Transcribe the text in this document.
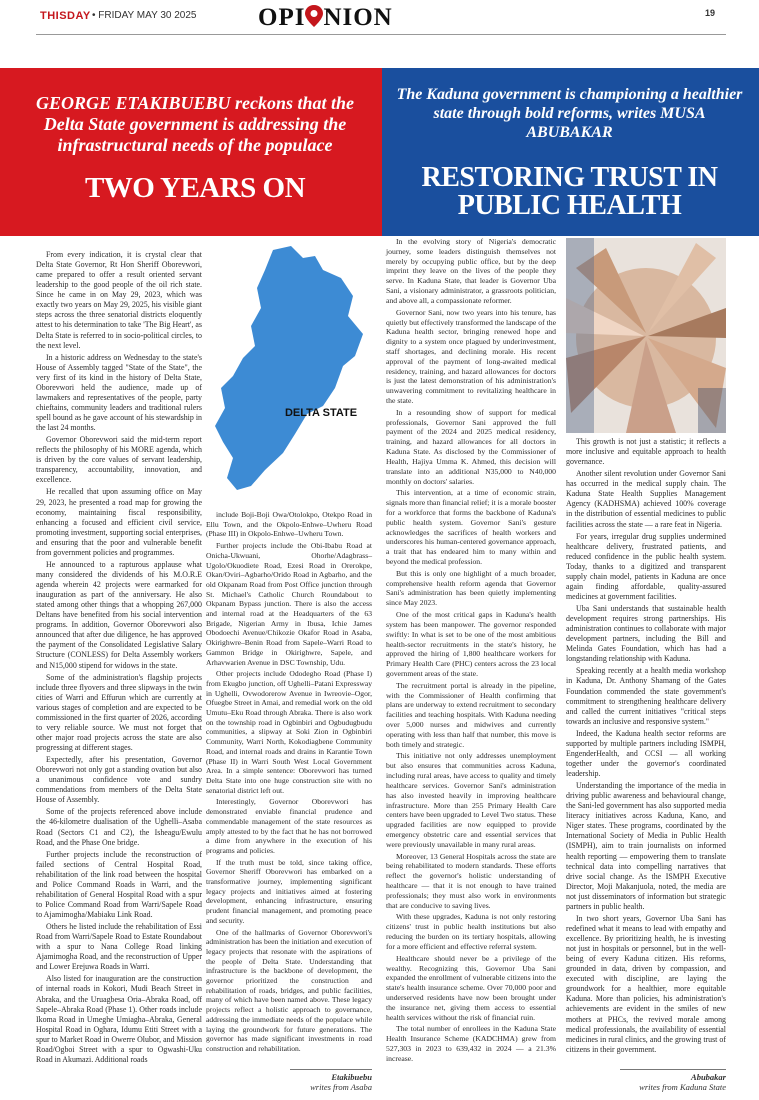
THISDAY • FRIDAY MAY 30 2025 OPI NION	19
GEORGE ETAKIBUEBU reckons that the Delta State government is addressing the infrastructural needs of the populace
TWO YEARS ON
The Kaduna government is championing a healthier state through bold reforms, writes MUSA ABUBAKAR
RESTORING TRUST IN PUBLIC HEALTH

From every indication, it is crystal clear that Delta State Governor, Rt Hon Sheriff Oborevwori, came prepared to offer a result oriented servant leadership to the good people of the oil rich state. Since he came in on May 29, 2023, which was exactly two years on May 29, 2025, his visible giant steps across the three senatorial districts eloquently attest to his determination to take 'The Big Heart', as Delta State is referred to in socio-political circles, to the next level.

In a historic address on Wednesday to the state's House of Assembly tagged "State of the State", the very first of its kind in the history of Delta State, Oborevwori held the audience, made up of lawmakers and representatives of the people, party chieftains, community leaders and traditional rulers spell bound as he gave account of his stewardship in the last 24 months.

Governor Oborevwori said the mid-term report reflects the philosophy of his MORE agenda, which is driven by the core values of servant leadership, transparency, accountability, innovation, and excellence.

He recalled that upon assuming office on May 29, 2023, he presented a road map for growing the economy, maintaining fiscal responsibility, enhancing a focused and efficient civil service, promoting investment, supporting social enterprises, and ensuring that the poor and vulnerable benefit from government policies and programmes.

He announced to a rapturous applause what many considered the dividends of his M.O.R.E agenda wherein 42 projects were earmarked for inauguration as part of the anniversary. He also stated among other things that a whopping 267,000 Deltans have benefited from his social intervention programs. In addition, Governor Oborevwori also announced that after due diligence, he has approved the payment of the Consolidated Legislative Salary Structure (CONLESS) for Delta Assembly workers and N15,000 stipend for widows in the state.

Some of the administration's flagship projects include three flyovers and three slipways in the twin cities of Warri and Effurun which are currently at various stages of completion and are expected to be commissioned in the first quarter of 2026, according to very reliable source. We must not forget that other major road projects across the state are also progressing at different stages.

Expectedly, after his presentation, Governor Oborevwori not only got a standing ovation but also a unanimous confidence vote and sundry commendations from members of the Delta State House of Assembly.

Some of the projects referenced above include the 46-kilometre dualisation of the Ughelli–Asaba Road (Sectors C1 and C2), the Isheagu/Ewulu Road, and the Phase One bridge.

Further projects include the reconstruction of failed sections of Central Hospital Road, rehabilitation of the link road between the hospital and Police Command Roads in Warri, and the rehabilitation of General Hospital Road with a spur to Police Command Road from Warri/Sapele Road to Ajamimogha/Mabiaku Link Road.

Others he listed include the rehabilitation of Essi Road from Warri/Sapele Road to Estate Roundabout with a spur to Nana College Road linking Ajamimogha Road, and the reconstruction of Upper and Lower Erejuwa Roads in Warri.

Also listed for inauguration are the construction of internal roads in Kokori, Mudi Beach Street in Abraka, and the Uruagbesa Oria–Abraka Road, off Sapele–Abraka Road (Phase 1). Other roads include Ikoma Road in Umeghe Umiagha–Abraka, General Hospital Road in Oghara, Idumu Etiti Street with a spur to Market Road in Owerre Olubor, and Mission Road/Ogboi Street with a spur to Ogwashi-Uku Road in Akumazi. Additional roads

DELTA STATE

include Boji-Boji Owa/Otolokpo, Otekpo Road in Ellu Town, and the Okpolo-Enhwe–Uwheru Road (Phase III) in Okpolo-Enhwe–Uwheru Town.

Further projects include the Obi-Ibabu Road at Onicha-Ukwuani, Ohorhe/Adagbrass–Ugolo/Okuodiete Road, Ezesi Road in Orerokpe, Okan/Oviri–Agbarho/Orido Road in Agbarho, and the old Okpanam Road from Post Office junction through St. Michael's Catholic Church Roundabout to Okpanam Bypass junction. There is also the access and internal road at the Headquarters of the 63 Brigade, Nigerian Army in Ibusa, Ichie James Obodoechi Avenue/Chikozie Okafor Road in Asaba, Okirighwre–Benin Road from Sapele–Warri Road to Gammon Bridge in Okirighwre, Sapele, and Arhavwarien Avenue in DSC Township, Udu.

Other projects include Ododegho Road (Phase I) from Ekugbo junction, off Ughelli–Patani Expressway in Ughelli, Ovwodorerow Avenue in Iwreovie–Ogor, Ofuegbe Street in Amai, and remedial work on the old Umutu–Eku Road through Abraka. There is also work on the township road in Ogbinbiri and Ogbudugbudu communities, a slipway at Soki Zion in Ogbinbiri Community, Warri North, Kokodiagbene Community Road, and internal roads and drains in Karantie Town (Phase II) in Warri South West Local Government Area. In a simple sentence: Oborevwori has turned Delta State into one huge construction site with no senatorial district left out.

Interestingly, Governor Oborevwori has demonstrated enviable financial prudence and commendable management of the state resources as amply attested to by the fact that he has not borrowed a dime from anywhere in the execution of his programs and policies.

If the truth must be told, since taking office, Governor Sheriff Oborevwori has embarked on a transformative journey, implementing significant legacy projects and initiatives aimed at fostering development, enhancing infrastructure, ensuring prudent financial management, and promoting peace and security.

One of the hallmarks of Governor Oborevwori's administration has been the initiation and execution of legacy projects that resonate with the aspirations of the people of Delta State. Understanding that infrastructure is the backbone of development, the governor prioritized the construction and rehabilitation of roads, bridges, and public facilities, many of which have been named above. These legacy projects reflect a holistic approach to governance, addressing the immediate needs of the populace while laying the groundwork for future generations. The governor has made significant investments in road construction and rehabilitation.

Etakibuebu
writes from Asaba

In the evolving story of Nigeria's democratic journey, some leaders distinguish themselves not merely by occupying public office, but by the deep imprint they leave on the lives of the people they serve. In Kaduna State, that leader is Governor Uba Sani, a visionary administrator, a grassroots politician, and above all, a compassionate reformer.

Governor Sani, now two years into his tenure, has quietly but effectively transformed the landscape of the Kaduna health sector, bringing renewed hope and dignity to a system once plagued by underinvestment, staff shortages, and declining morale. His recent approval of the payment of long-awaited medical residency, training, and hazard allowances for doctors is just the latest demonstration of his administration's unwavering commitment to revitalizing healthcare in the state.

In a resounding show of support for medical professionals, Governor Sani approved the full payment of the 2024 and 2025 medical residency, training, and hazard allowances for all doctors in Kaduna State. As disclosed by the Commissioner of Health, Hajiya Umma K. Ahmed, this decision will translate into an additional N35,000 to N40,000 monthly on doctors' salaries.

This intervention, at a time of economic strain, signals more than financial relief; it is a morale booster for a workforce that forms the backbone of Kaduna's public health system. Governor Sani's gesture acknowledges the sacrifices of health workers and underscores his human-centered governance approach, a trait that has endeared him to many within and beyond the medical profession.

But this is only one highlight of a much broader, comprehensive health reform agenda that Governor Sani's administration has been quietly implementing since May 2023.

One of the most critical gaps in Kaduna's health system has been manpower. The governor responded swiftly: In what is set to be one of the most ambitious health-sector recruitments in the state's history, he approved the hiring of 1,800 healthcare workers for Primary Health Care (PHC) centers across the 23 local government areas of the state.

The recruitment portal is already in the pipeline, with the Commissioner of Health confirming that plans are underway to extend recruitment to secondary facilities and teaching hospitals. With Kaduna needing over 5,000 nurses and midwives and currently operating with less than half that number, this move is both timely and strategic.

This initiative not only addresses unemployment but also ensures that communities across Kaduna, including rural areas, have access to quality and timely healthcare services. Governor Sani's administration has also invested heavily in improving healthcare infrastructure. More than 255 Primary Health Care centers have been upgraded to Level Two status. These upgraded facilities are now equipped to provide emergency obstetric care and essential services that were previously unavailable in many rural areas.

Moreover, 13 General Hospitals across the state are being rehabilitated to modern standards. These efforts reflect the governor's holistic understanding of healthcare — that it is not enough to have trained professionals; they must also work in environments that are conducive to saving lives.

With these upgrades, Kaduna is not only restoring citizens' trust in public health institutions but also reducing the burden on its tertiary hospitals, allowing for a more efficient and effective referral system.

Healthcare should never be a privilege of the wealthy. Recognizing this, Governor Uba Sani expanded the enrollment of vulnerable citizens into the state's health insurance scheme. Over 70,000 poor and underserved residents have now been brought under the insurance net, giving them access to essential health services without the risk of financial ruin.

The total number of enrollees in the Kaduna State Health Insurance Scheme (KADCHMA) grew from 527,303 in 2023 to 639,432 in 2024 — a 21.3% increase.

This growth is not just a statistic; it reflects a more inclusive and equitable approach to health governance.

Another silent revolution under Governor Sani has occurred in the medical supply chain. The Kaduna State Health Supplies Management Agency (KADHSMA) achieved 100% coverage in the distribution of essential medicines to public facilities across the state — a rare feat in Nigeria.

For years, irregular drug supplies undermined healthcare delivery, frustrated patients, and reduced confidence in the public health system. Today, thanks to a digitized and transparent supply chain model, patients in Kaduna are once again finding affordable, quality-assured medicines at government facilities.

Uba Sani understands that sustainable health development requires strong partnerships. His administration continues to collaborate with major development partners, including the Bill and Melinda Gates Foundation, which has had a longstanding relationship with Kaduna.

Speaking recently at a health media workshop in Kaduna, Dr. Anthony Shamang of the Gates Foundation commended the state government's commitment to strengthening healthcare delivery and called the current initiatives "critical steps towards an inclusive and responsive system."

Indeed, the Kaduna health sector reforms are supported by multiple partners including ISMPH, EngenderHealth, and CCSI — all working together under the governor's coordinated leadership.

Understanding the importance of the media in driving public awareness and behavioural change, the Sani-led government has also supported media literacy initiatives across Kaduna, Kano, and Niger states. These programs, coordinated by the International Society of Media in Public Health (ISMPH), aim to train journalists on informed health reporting — empowering them to translate technical data into compelling narratives that drive social change. As the ISMPH Executive Director, Moji Makanjuola, noted, the media are not just disseminators of information but strategic partners in public health.

In two short years, Governor Uba Sani has redefined what it means to lead with empathy and excellence. By prioritizing health, he is investing not just in hospitals or personnel, but in the well-being of every Kaduna citizen. His reforms, grounded in data, driven by compassion, and executed with discipline, are laying the groundwork for a healthier, more equitable Kaduna. More than policies, his administration's achievements are evident in the smiles of new mothers at PHCs, the revived morale among medical professionals, the availability of essential medicines in rural clinics, and the growing trust of citizens in their government.

Abubakar
writes from Kaduna State
